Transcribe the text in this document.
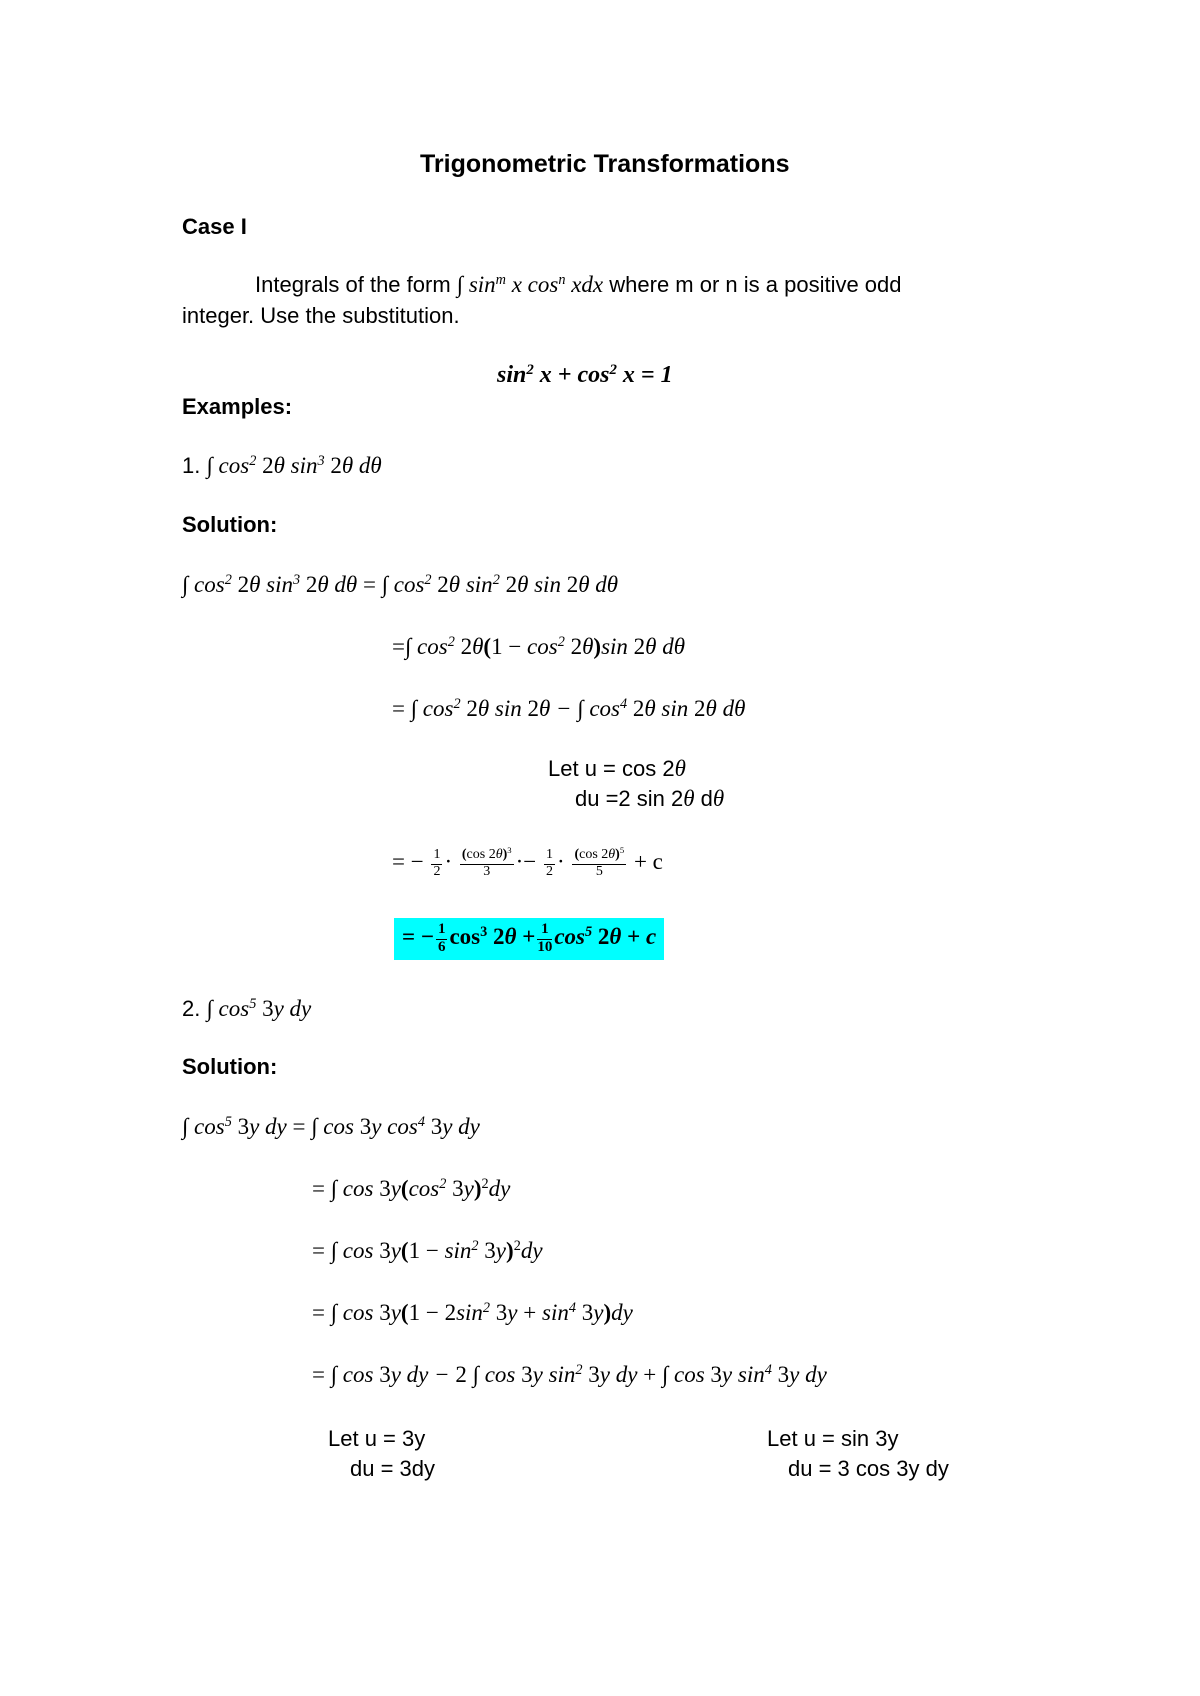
Trigonometric Transformations
Case I
Integrals of the form ∫ $\sin^m x$ $\cos^n$ xdx where m or n is a positive odd
integer. Use the substitution.
$\sin^2 x + \cos^2 x = 1$
Examples:
1. ∫ $\cos^2 2\theta$ $\sin^3 2\theta$ dθ
Solution:
∫ $\cos^2 2\theta$ $\sin^3 2\theta$ dθ = ∫ $\cos^2 2\theta$ $\sin^2 2\theta$ sin 2θ dθ
=∫ $\cos^2 2\theta(1 - \cos^2 2\theta)\sin$ 2θ dθ
= ∫ $\cos^2 2\theta$ sin 2θ − ∫ $\cos^4 2\theta$ sin 2θ dθ
Let u = cos 2θ
du =2 sin 2θ dθ
= − $\frac{1}{2} \cdot \frac{(\cos 2\theta)^3}{3} \cdot- \frac{1}{2} \cdot \frac{(\cos 2\theta)^5}{5} + c$
= − $\frac{1}{6} \cos^3 2\theta + \frac{1}{10} \cos^5 2\theta + c$
2. ∫ $\cos^5 3y$ dy
Solution:
∫ $\cos^5 3y$ dy = ∫ cos 3y $\cos^4 3y$ dy
= ∫ $\cos 3y(\cos^2$ 3y)$^2$dy
= ∫ $\cos 3y(1 - \sin^2 3y)^2dy$
= ∫ $\cos 3y(1 - 2\sin^2$ $3y + \sin^4 3y)dy$
= ∫ cos 3y dy − 2 ∫ cos 3y $\sin^2 3y$ dy + ∫ cos 3y $\sin^4 3y$ dy
Let u = 3y
du = 3dy
Let u = sin 3y
du = 3 cos 3y dy
